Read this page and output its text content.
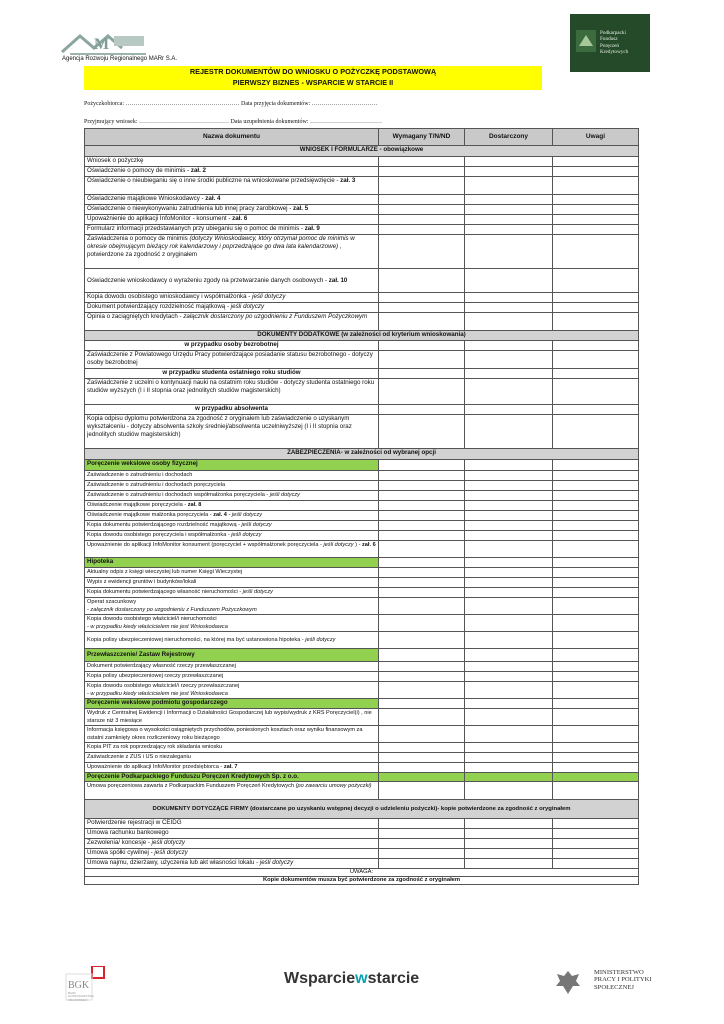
M
Agencja Rozwoju Regionalnego MARr S.A.
Podkarpacki
Fundusz
Poręczeń
Kredytowych
REJESTR DOKUMENTÓW DO WNIOSKU O POŻYCZKĘ PODSTAWOWĄ
PIERWSZY BIZNES - WSPARCIE W STARCIE II
Pożyczkobiorca: ………………………………………………… Data przyjęcia dokumentów: ……………………………
Przyjmujący wniosek: ……………………………………… Data uzupełnienia dokumentów: ………………………………
Nazwa dokumentu	Wymagany T/N/ND	Dostarczony	Uwagi
WNIOSEK I FORMULARZE - obowiązkowe			
Wniosek o pożyczkę			
Oświadczenie o pomocy de minimis - zał. 2			
Oświadczenie o nieubieganiu się o inne środki publiczne na wnioskowane przedsięwzięcie - zał. 3			
Oświadczenie majątkowe Wnioskodawcy - zał. 4			
Oświadczenie o niewykonywaniu zatrudnienia lub innej pracy zarobkowej - zał. 5			
Upoważnienie do aplikacji InfoMonitor - konsument - zał. 6			
Formularz informacji przedstawianych przy ubieganiu się o pomoc de minimis - zał. 9			
Zaświadczenia o pomocy de minimis (dotyczy Wnioskodawcy, który otrzymał pomoc de minimis w okresie obejmującym bieżący rok kalendarzowy i poprzedzające go dwa lata kalendarzowe) , potwierdzone za zgodność z oryginałem			
Oświadczenie wnioskodawcy o wyrażeniu zgody na przetwarzanie danych osobowych - zał. 10			
Kopia dowodu osobistego wnioskodawcy i współmałżonka - jeśli dotyczy			
Dokument potwierdzający rozdzielność majątkową - jeśli dotyczy			
Opinia o zaciągniętych kredytach - załącznik dostarczony po uzgodnieniu z Funduszem Pożyczkowym			
DOKUMENTY DODATKOWE (w zależności od kryterium wnioskowania)			
w przypadku osoby bezrobotnej			
Zaświadczenie z Powiatowego Urzędu Pracy potwierdzające posiadanie statusu bezrobotnego - dotyczy osoby bezrobotnej			
w przypadku studenta ostatniego roku studiów			
Zaświadczenie z uczelni o kontynuacji nauki na ostatnim roku studiów - dotyczy studenta ostatniego roku studiów wyższych (I i II stopnia oraz jednolitych studiów magisterskich)			
w przypadku absolwenta			
Kopia odpisu dyplomu potwierdzona za zgodność z oryginałem lub zaświadczenie o uzyskanym wykształceniu - dotyczy absolwenta szkoły średniej/absolwenta uczelniwyższej (I i II stopnia oraz jednolitych studiów magisterskich)			
ZABEZPIECZENIA- w zależności od wybranej opcji			
Poręczenie wekslowe osoby fizycznej			
Zaświadczenie o zatrudnieniu i dochodach			
Zaświadczenie o zatrudnieniu i dochodach poręczyciela			
Zaświadczenie o zatrudnieniu i dochodach współmałżonka poręczyciela - jeśli dotyczy			
Oświadczenie majątkowe poręczyciela - zał. 8			
Oświadczenie majątkowe małżonka poręczyciela - zał. 4 - jeśli dotyczy			
Kopia dokumentu potwierdzającego rozdzielność majątkową - jeśli dotyczy			
Kopia dowodu osobistego poręczyciela i współmałżonka - jeśli dotyczy			
Upoważnienie do aplikacji InfoMonitor konsument (poręczyciel + współmałżonek poręczyciela - jeśli dotyczy ) - zał. 6			
Hipoteka			
Aktualny odpis z księgi wieczystej lub numer Księgi Wieczystej			
Wypis z ewidencji gruntów i budynków/lokali			
Kopia dokumentu potwierdzającego własność nieruchomości - jeśli dotyczy			

Operat szacunkowy
- załącznik dostarczony po uzgodnieniu z Funduszem Pożyczkowym			

Kopia dowodu osobistego właściciel/i nieruchomości
- w przypadku kiedy właścicielem nie jest Wnioskodawca			
Kopia polisy ubezpieczeniowej nieruchomości, na której ma być ustanowiona hipoteka - jeśli dotyczy			
Przewłaszczenie/ Zastaw Rejestrowy			
Dokument potwierdzający własność rzeczy przewłaszczanej			
Kopia polisy ubezpieczeniowej rzeczy przewłaszczanej			

Kopia dowodu osobistego właściciel/i rzeczy przewłaszczanej
- w przypadku kiedy właścicielem nie jest Wnioskodawca			
Poręczenie wekslowe podmiotu gospodarczego			
Wydruk z Centralnej Ewidencji i Informacji o Działalności Gospodarczej lub wypis/wydruk z KRS Poręczyciel(i) , nie starsze niż 3 miesiące			
Informacja księgowa o wysokości osiągniętych przychodów, poniesionych kosztach oraz wyniku finansowym za ostatni zamknięty okres rozliczeniowy roku bieżącego			
Kopia PIT za rok poprzedzający rok składania wniosku			
Zaświadczenie z ZUS i US o niezaleganiu			
Upoważnienie do aplikacji InfoMonitor przedsiębiorca - zał. 7			
Poręczenie Podkarpackiego Funduszu Poręczeń Kredytowych Sp. z o.o.			
Umowa poręczeniowa zawarta z Podkarpackim Funduszem Poręczeń Kredytowych (po zawarciu umowy pożyczki)			
DOKUMENTY DOTYCZĄCE FIRMY (dostarczane po uzyskaniu wstępnej decyzji o udzieleniu pożyczki)- kopie potwierdzone za zgodność z oryginałem			
Potwierdzenie rejestracji w CEIDG			
Umowa rachunku bankowego			
Zezwolenia/ koncesje - jeśli dotyczy			
Umowa spółki cywilnej - jeśli dotyczy			
Umowa najmu, dzierżawy, użyczenia lub akt własności lokalu - jeśli dotyczy			
UWAGA:			
Kopie dokumentów musza być potwierdzone za zgodność z oryginałem			
BGK
BANK GOSPODARSTWA KRAJOWEGO
Wsparciewstarcie	MINISTERSTWO
PRACY I POLITYKI
SPOŁECZNEJ
